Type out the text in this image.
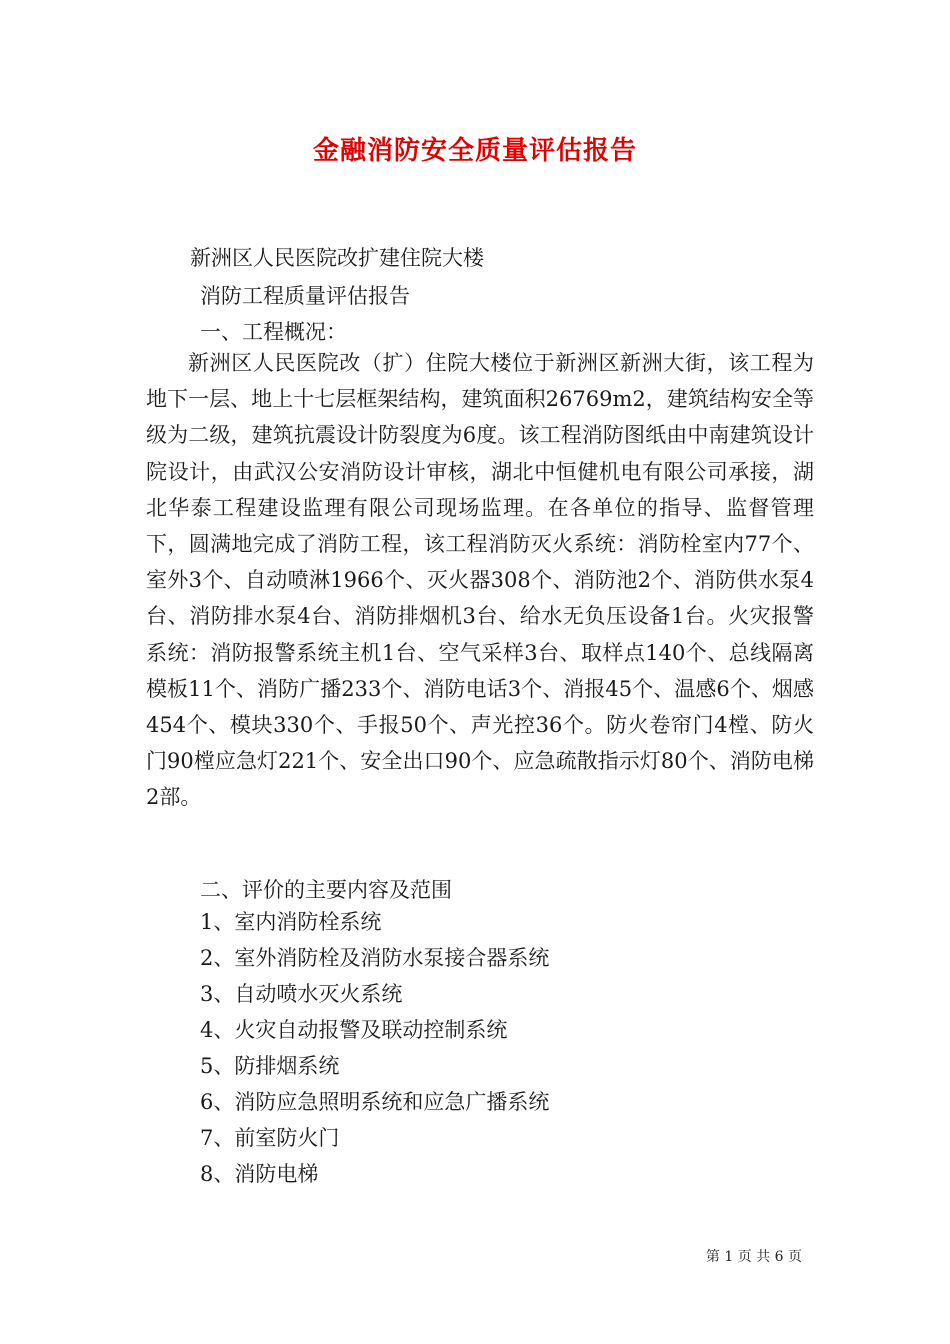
金融消防安全质量评估报告
新洲区人民医院改扩建住院大楼
消防工程质量评估报告
一、工程概况：
新洲区人民医院改（扩）住院大楼位于新洲区新洲大街，该工程为地下一层、地上十七层框架结构，建筑面积26769m2，建筑结构安全等级为二级，建筑抗震设计防裂度为6度。该工程消防图纸由中南建筑设计院设计，由武汉公安消防设计审核，湖北中恒健机电有限公司承接，湖北华泰工程建设监理有限公司现场监理。在各单位的指导、监督管理下，圆满地完成了消防工程，该工程消防灭火系统：消防栓室内77个、室外3个、自动喷淋1966个、灭火器308个、消防池2个、消防供水泵4台、消防排水泵4台、消防排烟机3台、给水无负压设备1台。火灾报警系统：消防报警系统主机1台、空气采样3台、取样点140个、总线隔离模板11个、消防广播233个、消防电话3个、消报45个、温感6个、烟感454个、模块330个、手报50个、声光控36个。防火卷帘门4樘、防火门90樘应急灯221个、安全出口90个、应急疏散指示灯80个、消防电梯2部。
二、评价的主要内容及范围
1、室内消防栓系统
2、室外消防栓及消防水泵接合器系统
3、自动喷水灭火系统
4、火灾自动报警及联动控制系统
5、防排烟系统
6、消防应急照明系统和应急广播系统
7、前室防火门
8、消防电梯
第 1 页 共 6 页
